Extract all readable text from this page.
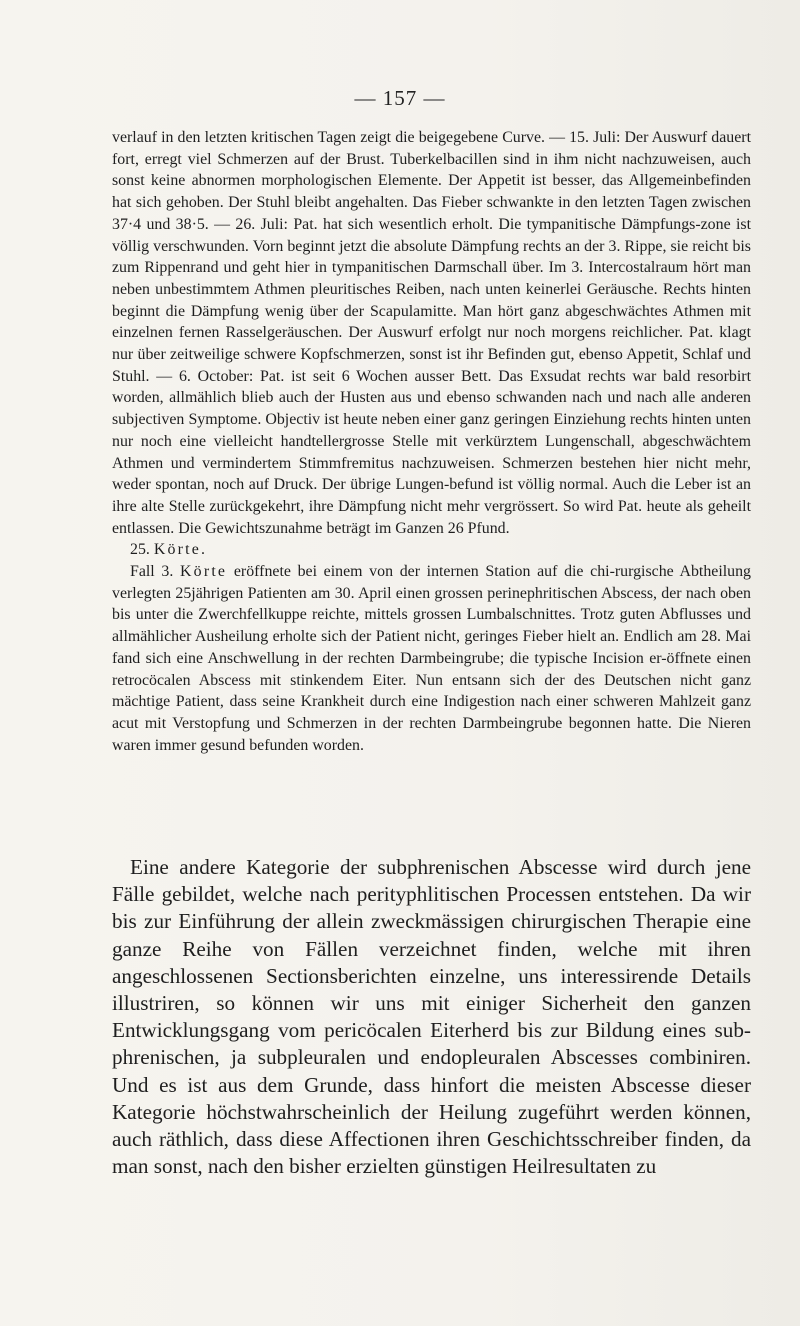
— 157 —

verlauf in den letzten kritischen Tagen zeigt die beigegebene Curve. — 15. Juli: Der Auswurf dauert fort, erregt viel Schmerzen auf der Brust. Tuberkelbacillen sind in ihm nicht nachzuweisen, auch sonst keine abnormen morphologischen Elemente. Der Appetit ist besser, das Allgemeinbefinden hat sich gehoben. Der Stuhl bleibt angehalten. Das Fieber schwankte in den letzten Tagen zwischen 37·4 und 38·5. — 26. Juli: Pat. hat sich wesentlich erholt. Die tympanitische Dämpfungs-zone ist völlig verschwunden. Vorn beginnt jetzt die absolute Dämpfung rechts an der 3. Rippe, sie reicht bis zum Rippenrand und geht hier in tympanitischen Darmschall über. Im 3. Intercostalraum hört man neben unbestimmtem Athmen pleuritisches Reiben, nach unten keinerlei Geräusche. Rechts hinten beginnt die Dämpfung wenig über der Scapulamitte. Man hört ganz abgeschwächtes Athmen mit einzelnen fernen Rasselgeräuschen. Der Auswurf erfolgt nur noch morgens reichlicher. Pat. klagt nur über zeitweilige schwere Kopfschmerzen, sonst ist ihr Befinden gut, ebenso Appetit, Schlaf und Stuhl. — 6. October: Pat. ist seit 6 Wochen ausser Bett. Das Exsudat rechts war bald resorbirt worden, allmählich blieb auch der Husten aus und ebenso schwanden nach und nach alle anderen subjectiven Symptome. Objectiv ist heute neben einer ganz geringen Einziehung rechts hinten unten nur noch eine vielleicht handtellergrosse Stelle mit verkürztem Lungenschall, abgeschwächtem Athmen und vermindertem Stimmfremitus nachzuweisen. Schmerzen bestehen hier nicht mehr, weder spontan, noch auf Druck. Der übrige Lungen-befund ist völlig normal. Auch die Leber ist an ihre alte Stelle zurückgekehrt, ihre Dämpfung nicht mehr vergrössert. So wird Pat. heute als geheilt entlassen. Die Gewichtszunahme beträgt im Ganzen 26 Pfund.

25. Körte.

Fall 3. Körte eröffnete bei einem von der internen Station auf die chi-rurgische Abtheilung verlegten 25jährigen Patienten am 30. April einen grossen perinephritischen Abscess, der nach oben bis unter die Zwerchfellkuppe reichte, mittels grossen Lumbalschnittes. Trotz guten Abflusses und allmählicher Ausheilung erholte sich der Patient nicht, geringes Fieber hielt an. Endlich am 28. Mai fand sich eine Anschwellung in der rechten Darmbeingrube; die typische Incision er-öffnete einen retrocöcalen Abscess mit stinkendem Eiter. Nun entsann sich der des Deutschen nicht ganz mächtige Patient, dass seine Krankheit durch eine Indigestion nach einer schweren Mahlzeit ganz acut mit Verstopfung und Schmerzen in der rechten Darmbeingrube begonnen hatte. Die Nieren waren immer gesund befunden worden.

Eine andere Kategorie der subphrenischen Abscesse wird durch jene Fälle gebildet, welche nach perityphlitischen Processen entstehen. Da wir bis zur Einführung der allein zweckmässigen chirurgischen Therapie eine ganze Reihe von Fällen verzeichnet finden, welche mit ihren angeschlossenen Sectionsberichten einzelne, uns interessirende Details illustriren, so können wir uns mit einiger Sicherheit den ganzen Entwicklungsgang vom pericöcalen Eiterherd bis zur Bildung eines sub-phrenischen, ja subpleuralen und endopleuralen Abscesses combiniren. Und es ist aus dem Grunde, dass hinfort die meisten Abscesse dieser Kategorie höchstwahrscheinlich der Heilung zugeführt werden können, auch räthlich, dass diese Affectionen ihren Geschichtsschreiber finden, da man sonst, nach den bisher erzielten günstigen Heilresultaten zu
